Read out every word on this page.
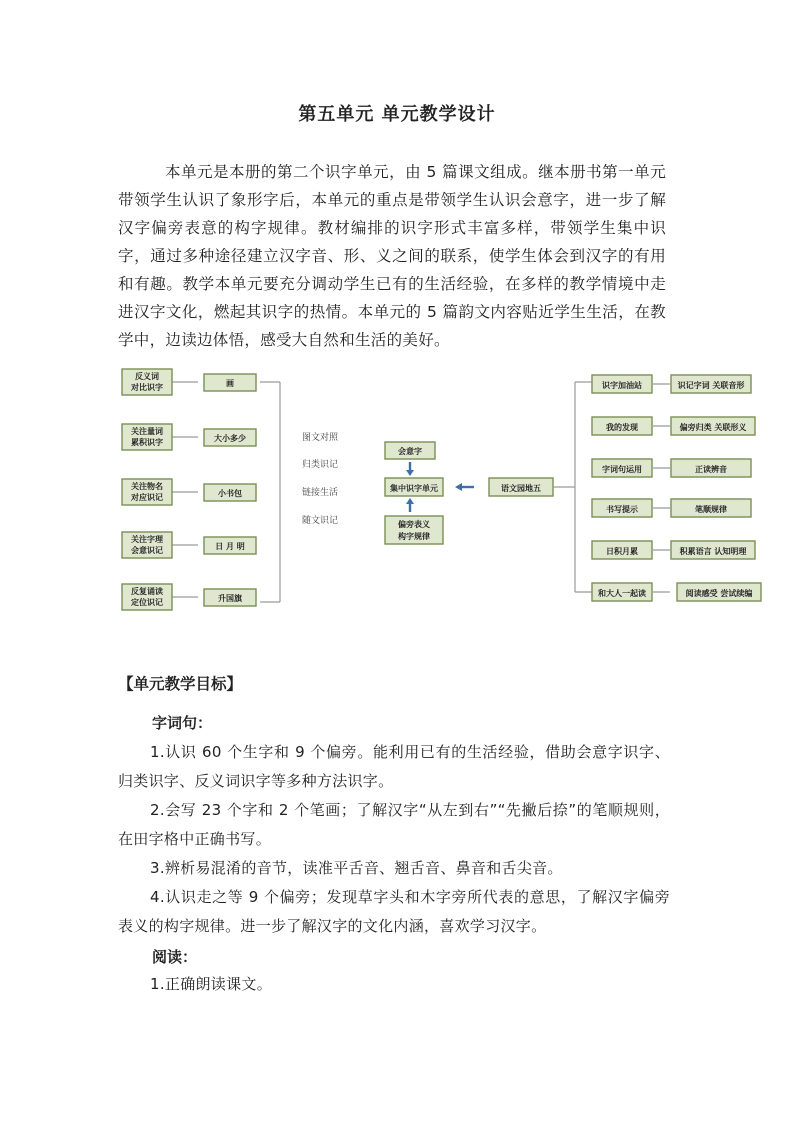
第五单元 单元教学设计
本单元是本册的第二个识字单元，由 5 篇课文组成。继本册书第一单元带领学生认识了象形字后，本单元的重点是带领学生认识会意字，进一步了解汉字偏旁表意的构字规律。教材编排的识字形式丰富多样，带领学生集中识字，通过多种途径建立汉字音、形、义之间的联系，使学生体会到汉字的有用和有趣。教学本单元要充分调动学生已有的生活经验，在多样的教学情境中走进汉字文化，燃起其识字的热情。本单元的 5 篇韵文内容贴近学生生活，在教学中，边读边体悟，感受大自然和生活的美好。
反义词
对比识字
关注量词
累积识字
关注物名
对应识记
关注字理
会意识记
反复诵读
定位识记
画
大小多少
小书包
日 月 明
升国旗
图文对照
归类识记
链接生活
随文识记
会意字
集中识字单元
偏旁表义
构字规律
语文园地五
识字加油站
我的发现
字词句运用
书写提示
日积月累
和大人一起读
识记字词 关联音形
偏旁归类 关联形义
正读辨音
笔顺规律
积累语言 认知明理
阅读感受 尝试续编
【单元教学目标】
字词句：
1.认识 60 个生字和 9 个偏旁。能利用已有的生活经验，借助会意字识字、归类识字、反义词识字等多种方法识字。
2.会写 23 个字和 2 个笔画；了解汉字“从左到右”“先撇后捺”的笔顺规则，在田字格中正确书写。
3.辨析易混淆的音节，读准平舌音、翘舌音、鼻音和舌尖音。
4.认识走之等 9 个偏旁；发现草字头和木字旁所代表的意思，了解汉字偏旁表义的构字规律。进一步了解汉字的文化内涵，喜欢学习汉字。
阅读：
1.正确朗读课文。
